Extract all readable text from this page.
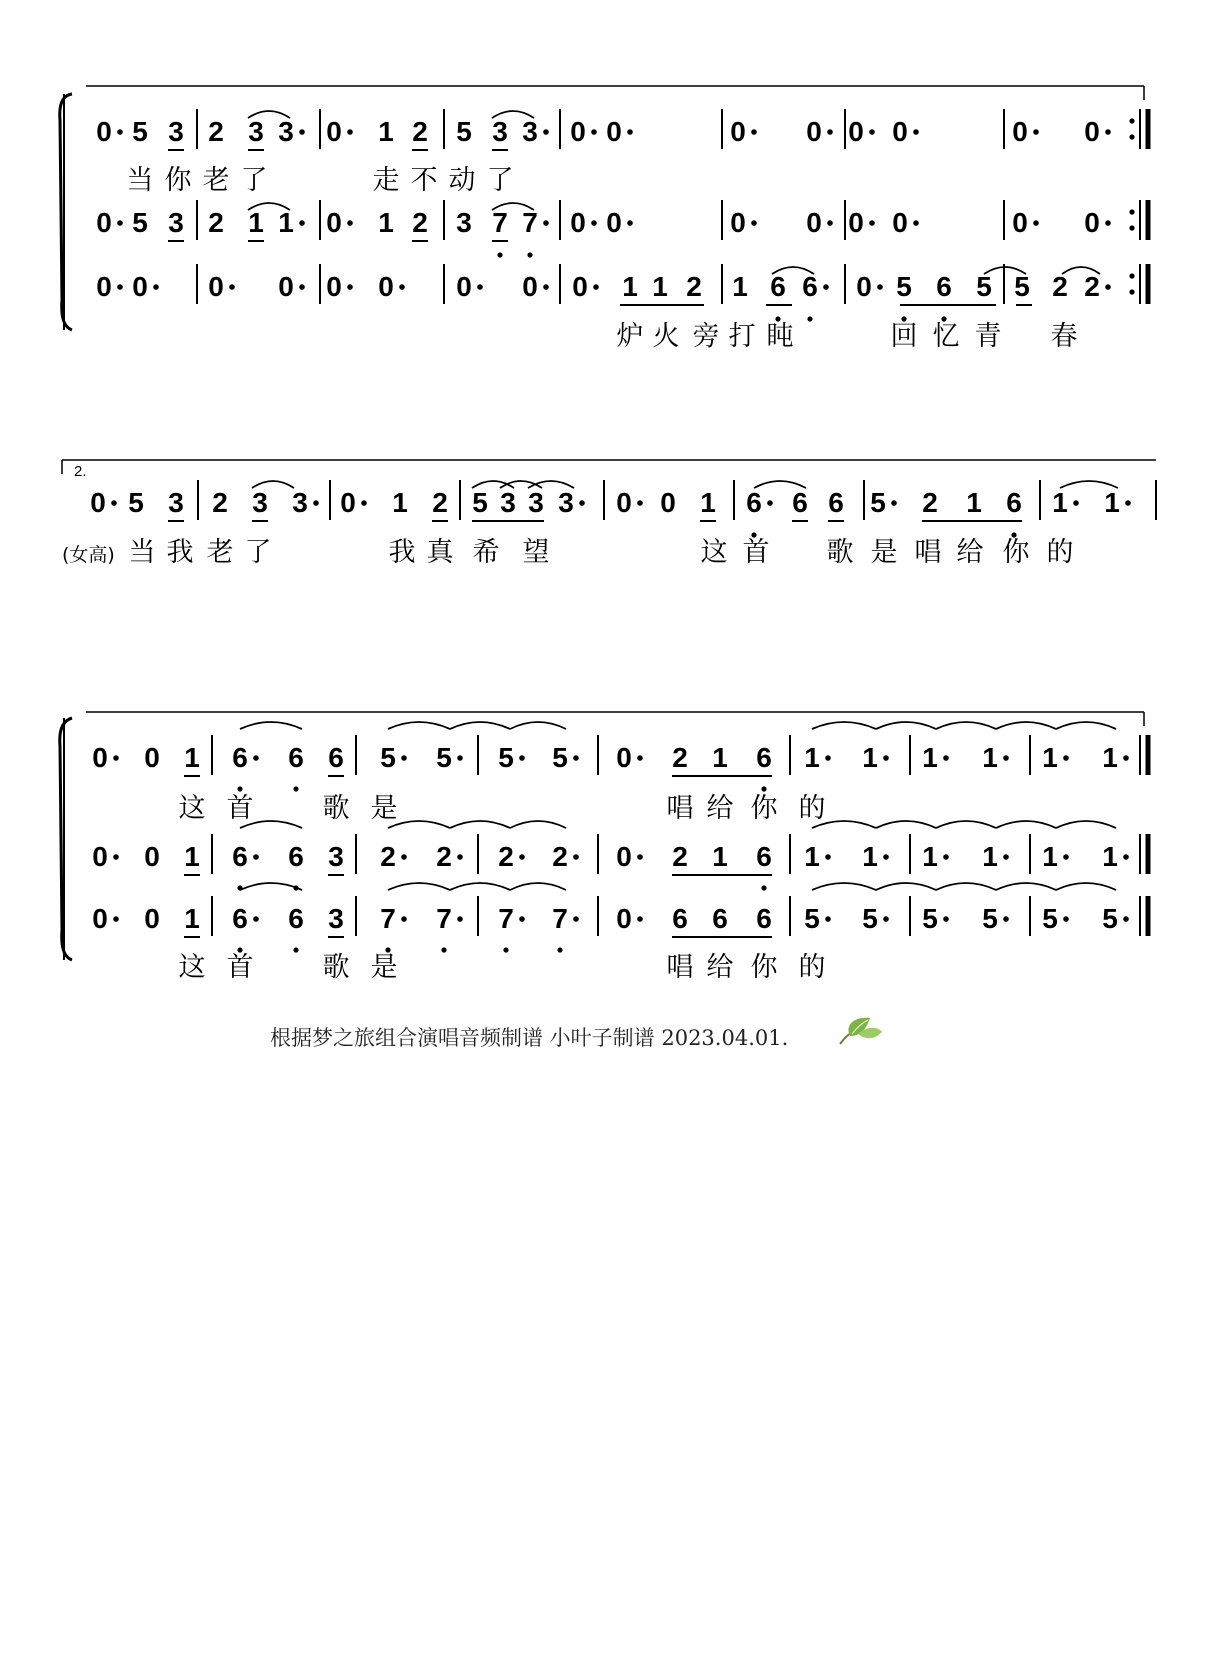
0 5 3 2 3 3 0 1 2 5 3 3 0 0	0 0 0 0	0 0
0 5 3 2 1 1 0 1 2 3 7 7 0 0	0 0 0 0	0 0
0 0 0 0 0 0 0 0 0 1 1 2 1 6 6 0 5 6 5 5 2 2
当 你 老 了	走 不 动 了
炉 火 旁 打 盹	回 忆 青 春
2.
0 5 3 2 3 3 0 1 2 5 3 3 3 0 0 1 6 6 6 5 2 1 6 1 1
(女高) 当 我 老 了	我 真 希 望	这 首 歌 是 唱 给 你 的
0 0 1 6 6 6 5 5 5 5 0 2 1 6 1 1 1 1 1 1
0 0 1 6 6 3 2 2 2 2 0 2 1 6 1 1 1 1 1 1
0 0 1 6 6 3 7 7 7 7 0 6 6 6 5 5 5 5 5 5
这 首	歌 是	唱 给 你 的
这 首	歌 是	唱 给 你 的
根据梦之旅组合演唱音频制谱 小叶子制谱 2023.04.01.
